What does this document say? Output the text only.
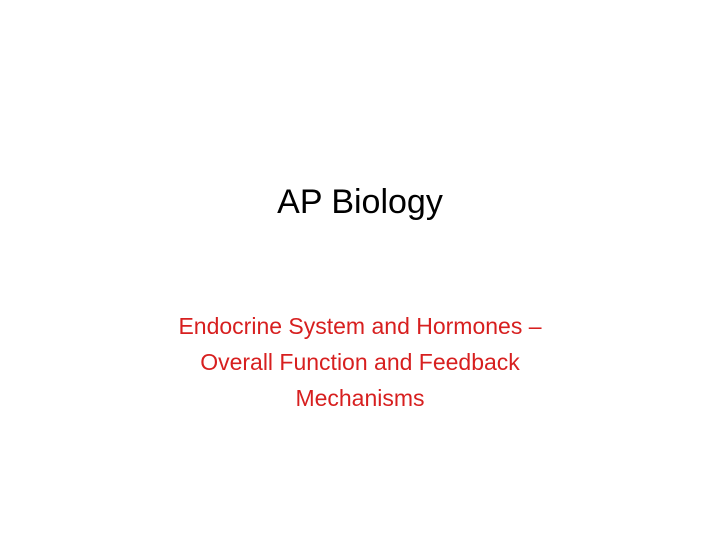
AP Biology
Endocrine System and Hormones –
Overall Function and Feedback
Mechanisms
